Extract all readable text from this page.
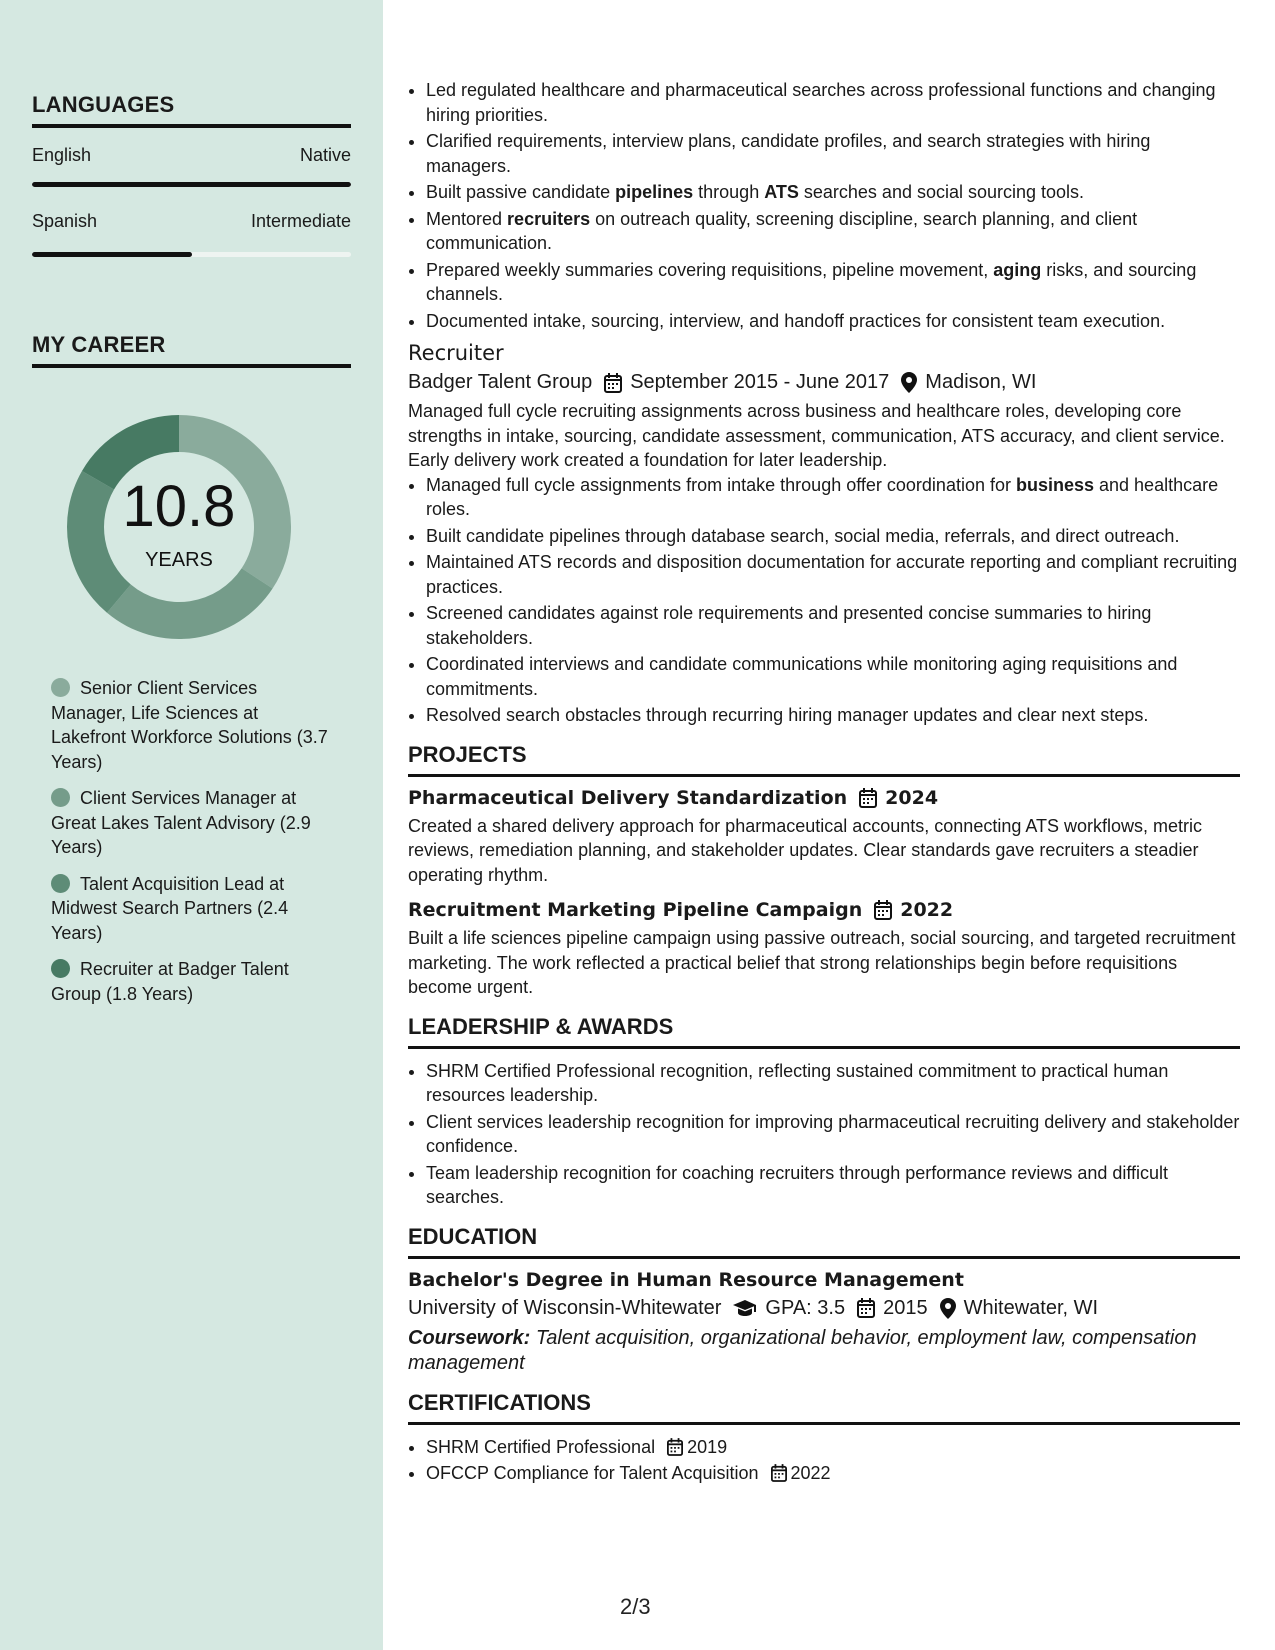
LANGUAGES
English	Native
Spanish	Intermediate
MY CAREER
10.8
YEARS
Senior Client Services Manager, Life Sciences at Lakefront Workforce Solutions (3.7 Years)
Client Services Manager at Great Lakes Talent Advisory (2.9 Years)
Talent Acquisition Lead at Midwest Search Partners (2.4 Years)
Recruiter at Badger Talent Group (1.8 Years)
• Led regulated healthcare and pharmaceutical searches across professional functions and changing hiring priorities.
• Clarified requirements, interview plans, candidate profiles, and search strategies with hiring managers.
• Built passive candidate pipelines through ATS searches and social sourcing tools.
• Mentored recruiters on outreach quality, screening discipline, search planning, and client communication.
• Prepared weekly summaries covering requisitions, pipeline movement, aging risks, and sourcing channels.
• Documented intake, sourcing, interview, and handoff practices for consistent team execution.
Recruiter
Badger Talent Group September 2015 - June 2017 Madison, WI

Managed full cycle recruiting assignments across business and healthcare roles, developing core strengths in intake, sourcing, candidate assessment, communication, ATS accuracy, and client service. Early delivery work created a foundation for later leadership.

• Managed full cycle assignments from intake through offer coordination for business and healthcare roles.
• Built candidate pipelines through database search, social media, referrals, and direct outreach.
• Maintained ATS records and disposition documentation for accurate reporting and compliant recruiting practices.
• Screened candidates against role requirements and presented concise summaries to hiring stakeholders.
• Coordinated interviews and candidate communications while monitoring aging requisitions and commitments.
• Resolved search obstacles through recurring hiring manager updates and clear next steps.
PROJECTS
Pharmaceutical Delivery Standardization 2024

Created a shared delivery approach for pharmaceutical accounts, connecting ATS workflows, metric reviews, remediation planning, and stakeholder updates. Clear standards gave recruiters a steadier operating rhythm.

Recruitment Marketing Pipeline Campaign 2022

Built a life sciences pipeline campaign using passive outreach, social sourcing, and targeted recruitment marketing. The work reflected a practical belief that strong relationships begin before requisitions become urgent.

LEADERSHIP & AWARDS
• SHRM Certified Professional recognition, reflecting sustained commitment to practical human resources leadership.
• Client services leadership recognition for improving pharmaceutical recruiting delivery and stakeholder confidence.
• Team leadership recognition for coaching recruiters through performance reviews and difficult searches.
EDUCATION
Bachelor's Degree in Human Resource Management
University of Wisconsin-Whitewater GPA: 3.5 2015 Whitewater, WI

Coursework: Talent acquisition, organizational behavior, employment law, compensation management

CERTIFICATIONS
• SHRM Certified Professional 2019
• OFCCP Compliance for Talent Acquisition 2022
2/3
